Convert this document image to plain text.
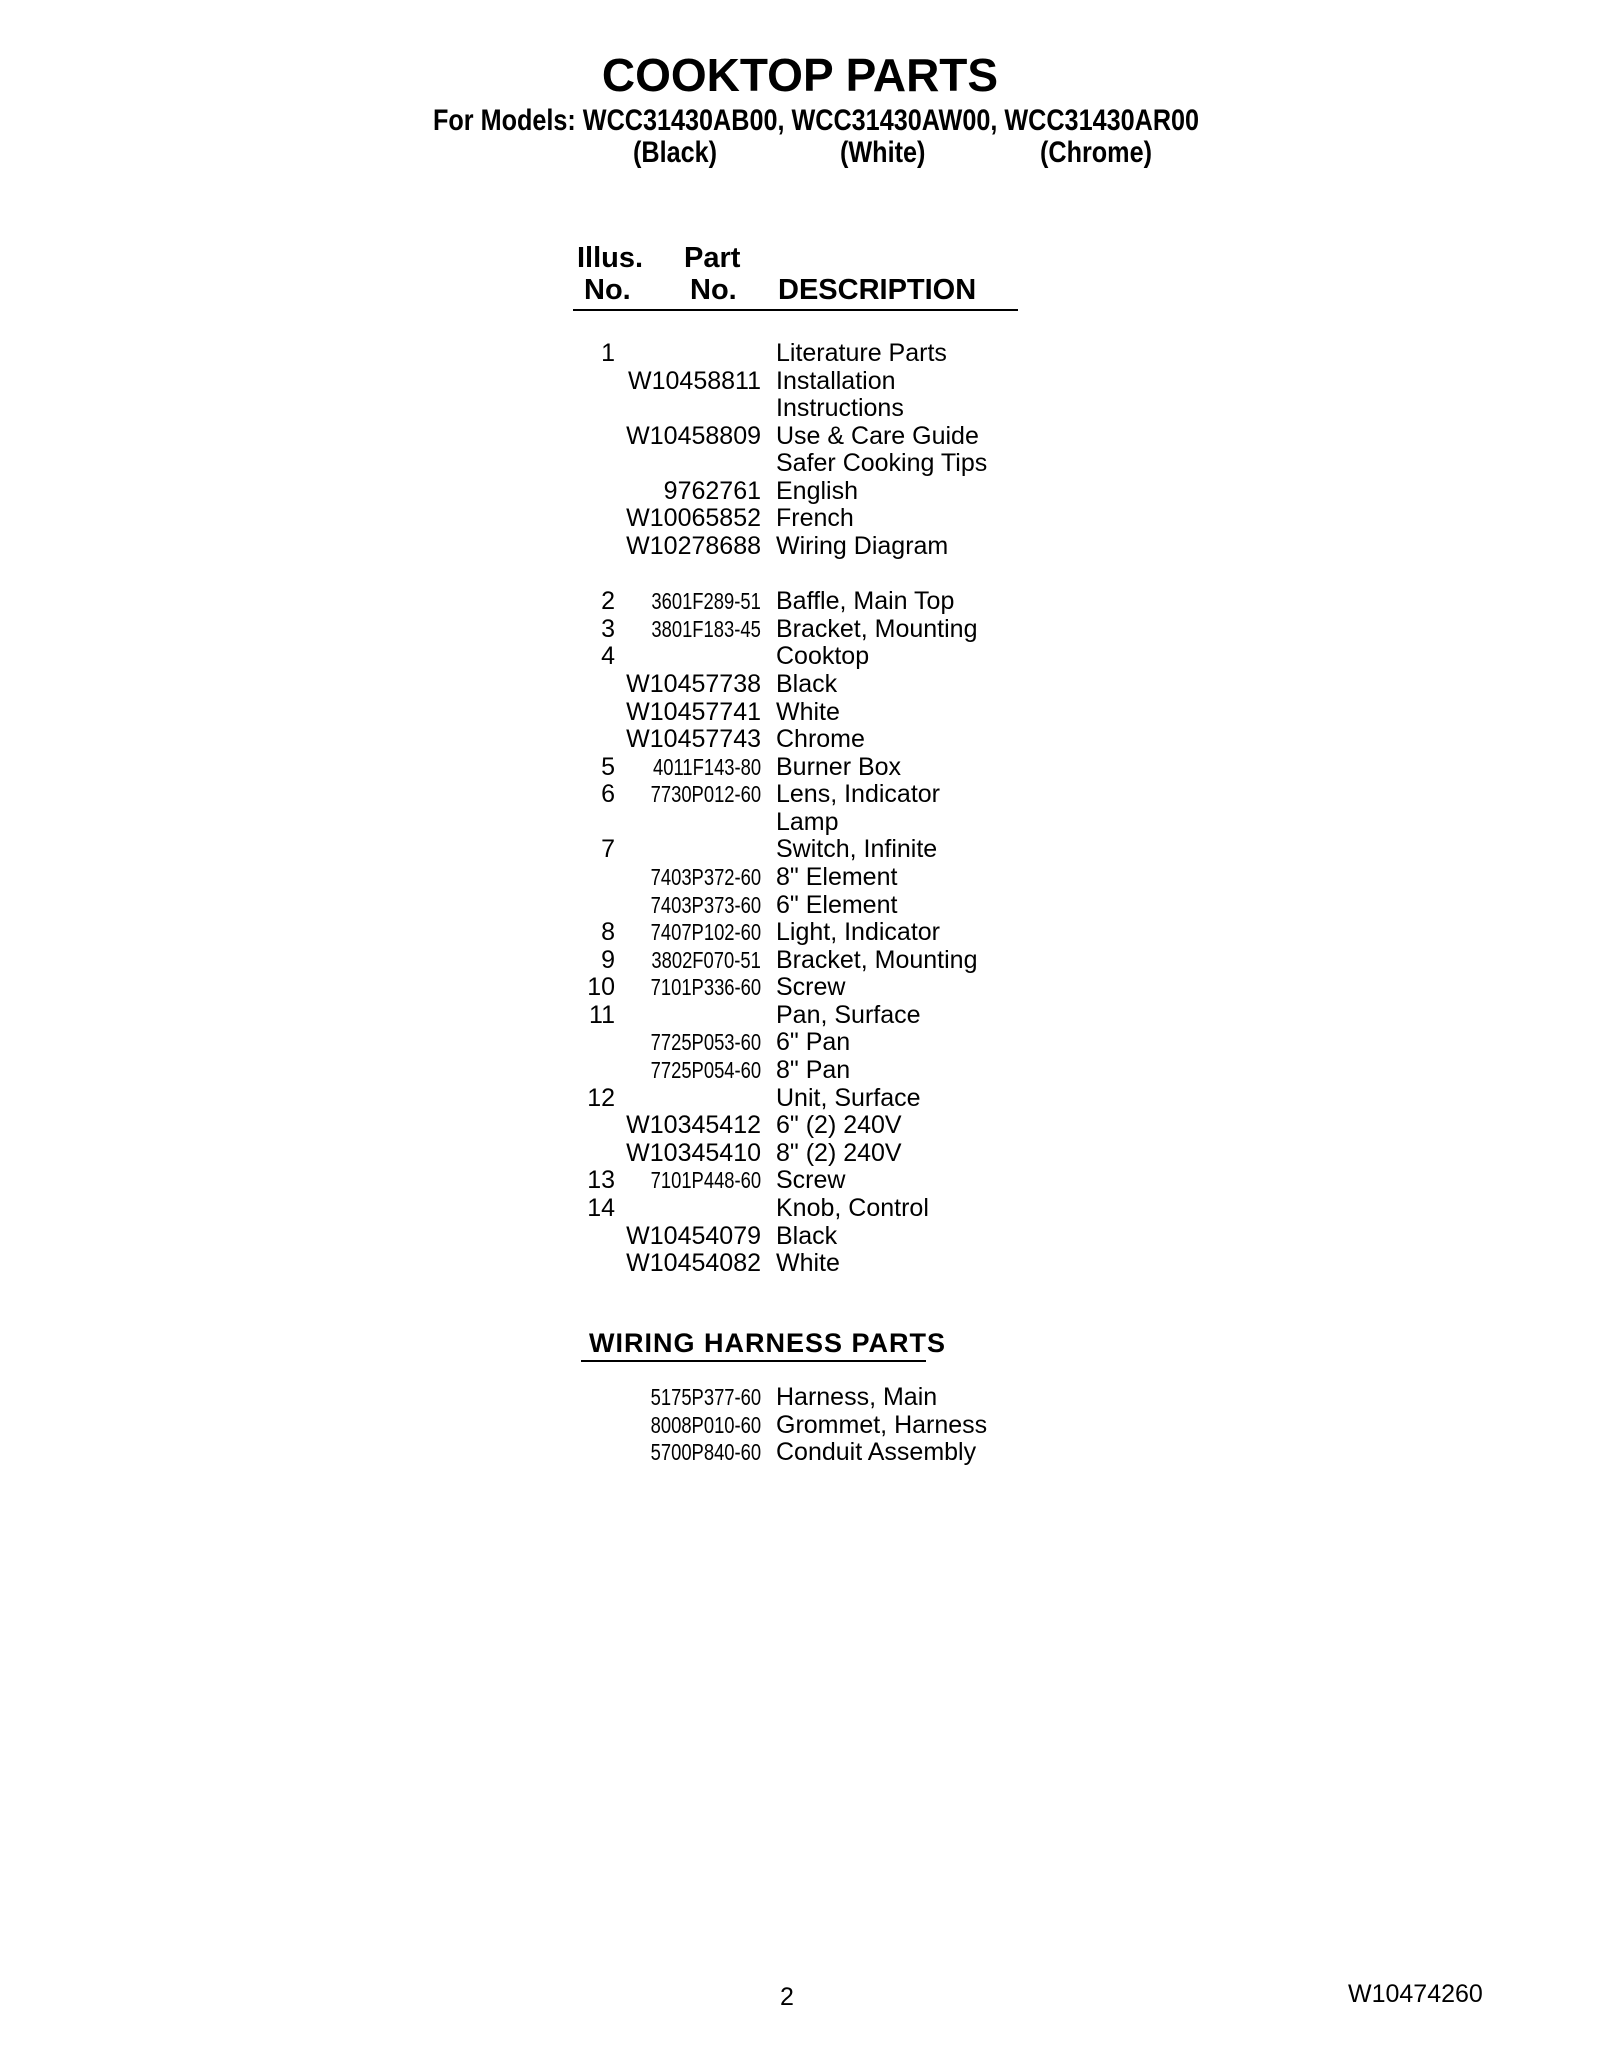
COOKTOP PARTS
For Models: WCC31430AB00, WCC31430AW00, WCC31430AR00
(Black)	(White)	(Chrome)
Illus.
No.
Part
No. DESCRIPTION
1	Literature Parts
W10458811 Installation
Instructions
W10458809 Use & Care Guide
Safer Cooking Tips
9762761 English
W10065852 French
W10278688 Wiring Diagram
2 3601F289-51 Baffle, Main Top
3 3801F183-45 Bracket, Mounting
4	Cooktop
W10457738 Black
W10457741 White
W10457743 Chrome
5 4011F143-80 Burner Box
6 7730P012-60 Lens, Indicator
Lamp
7	Switch, Infinite
7403P372-60 8" Element
7403P373-60 6" Element
8 7407P102-60 Light, Indicator
9 3802F070-51 Bracket, Mounting
10 7101P336-60 Screw
11	Pan, Surface
7725P053-60 6" Pan
7725P054-60 8" Pan
12	Unit, Surface
W10345412 6" (2) 240V
W10345410 8" (2) 240V
13 7101P448-60 Screw
14	Knob, Control
W10454079 Black
W10454082 White
WIRING HARNESS PARTS
5175P377-60 Harness, Main
8008P010-60 Grommet, Harness
5700P840-60 Conduit Assembly
2	W10474260
